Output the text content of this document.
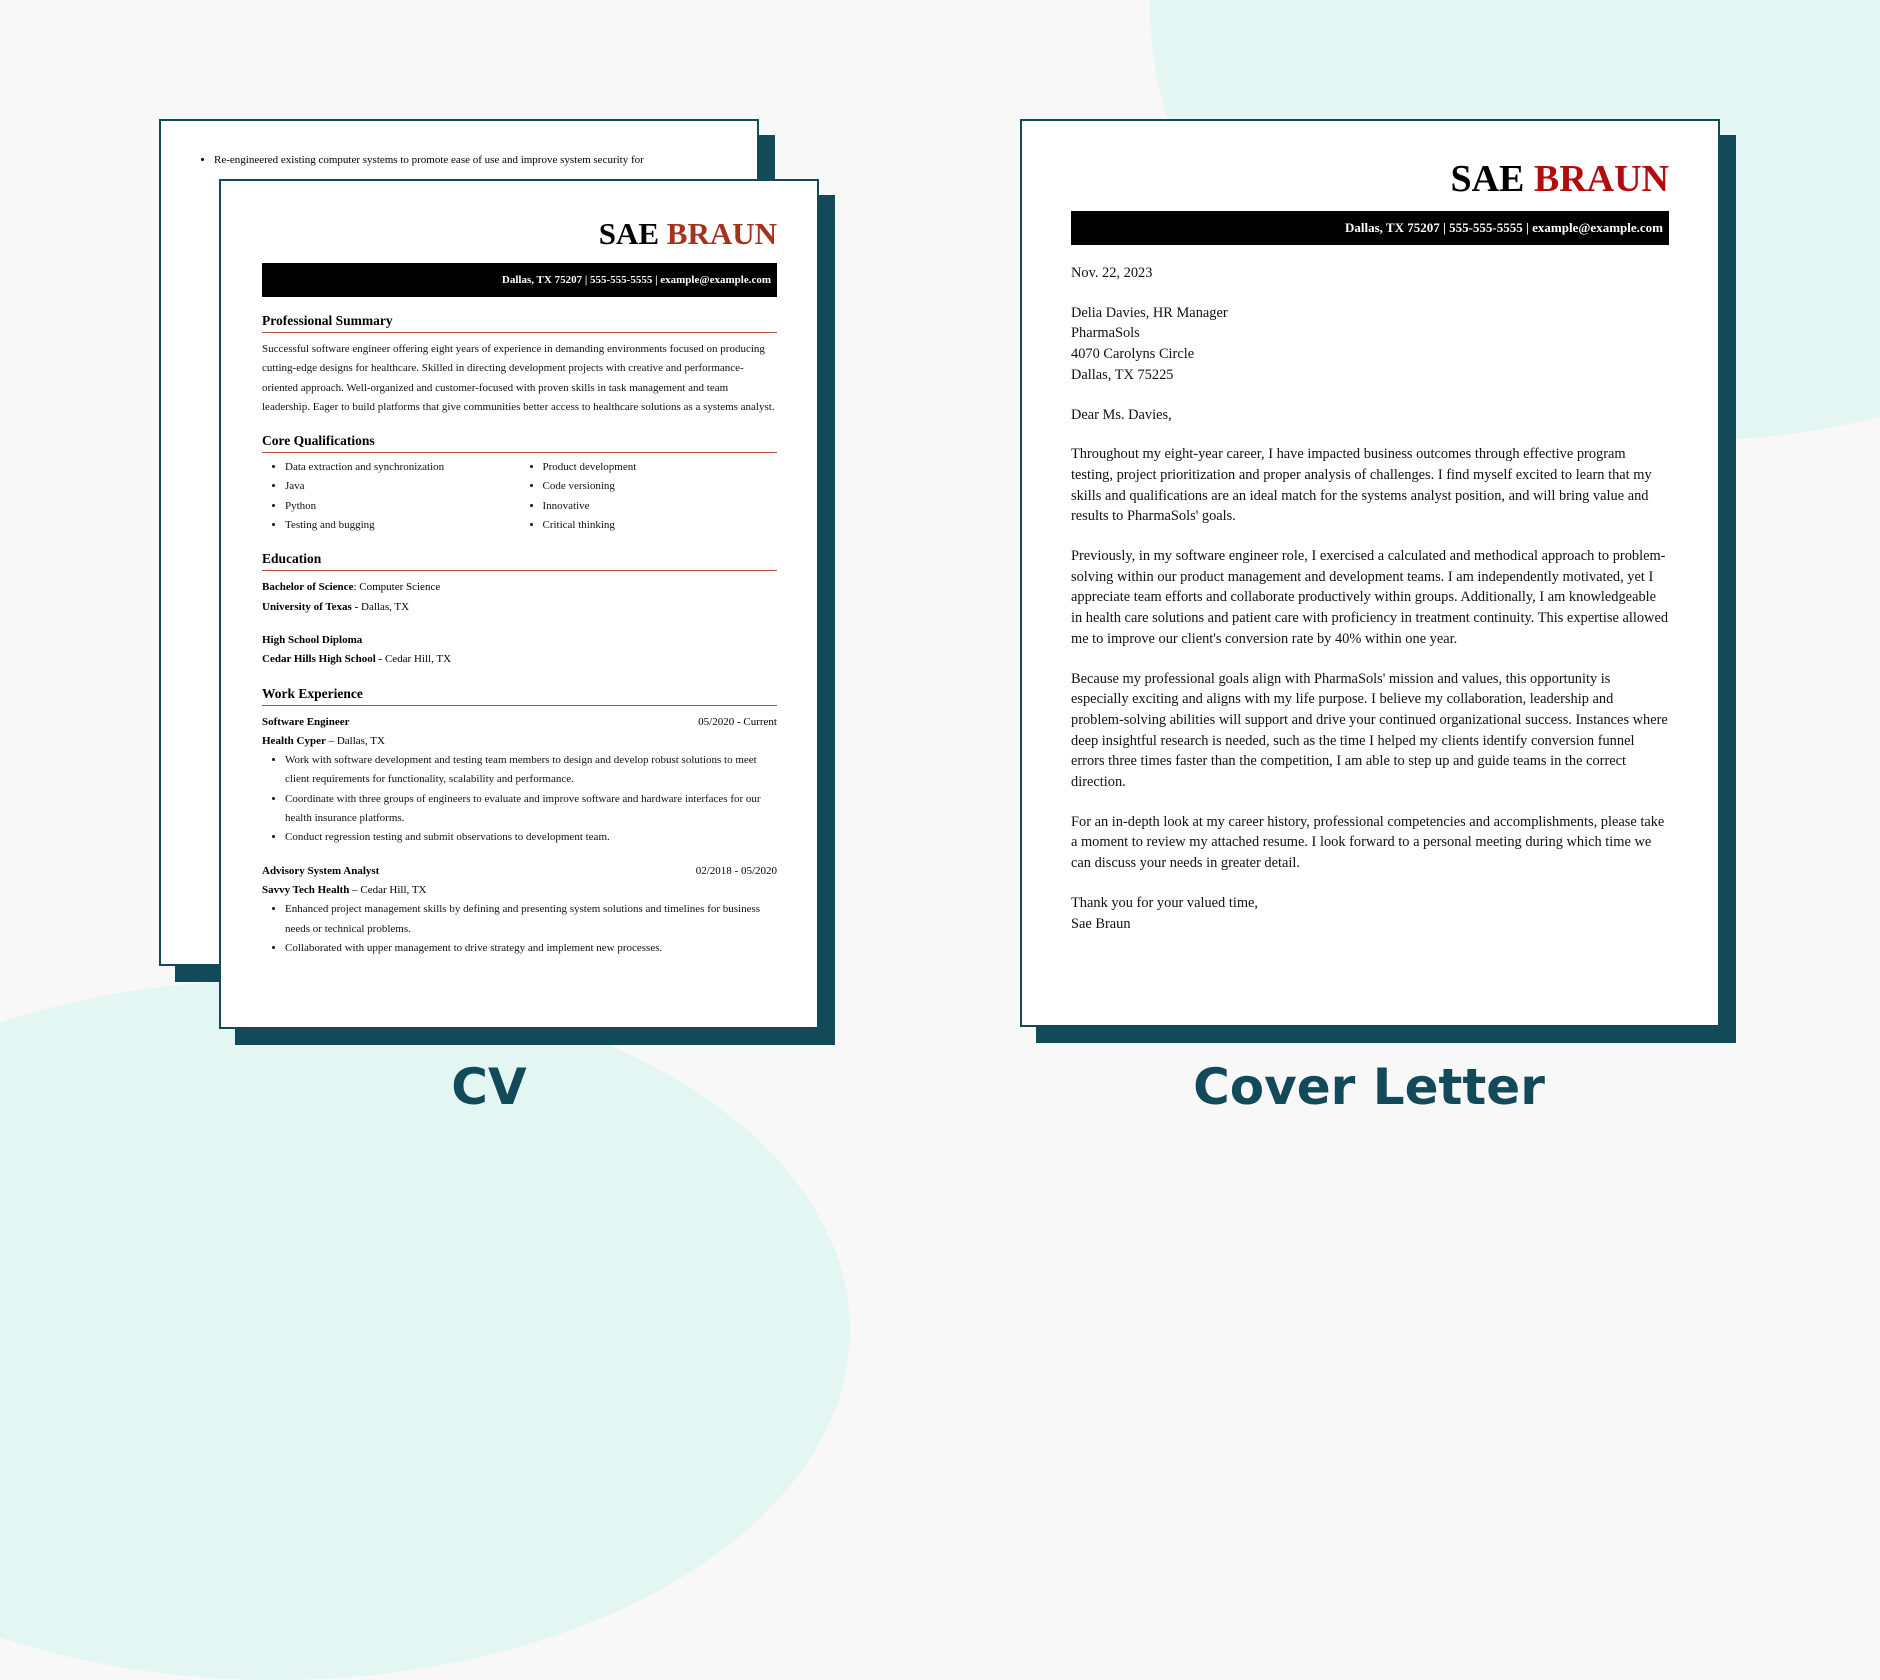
• Re-engineered existing computer systems to promote ease of use and improve system security for
SAE BRAUN
Dallas, TX 75207 | 555-555-5555 | example@example.com
Professional Summary

Successful software engineer offering eight years of experience in demanding environments focused on producing cutting-edge designs for healthcare. Skilled in directing development projects with creative and performance-oriented approach. Well-organized and customer-focused with proven skills in task management and team leadership. Eager to build platforms that give communities better access to healthcare solutions as a systems analyst.

Core Qualifications
• Data extraction and synchronization
• Java
• Python
• Testing and bugging
• Product development
• Code versioning
• Innovative
• Critical thinking
Education
Bachelor of Science: Computer Science
University of Texas - Dallas, TX
High School Diploma
Cedar Hills High School - Cedar Hill, TX
Work Experience
Software Engineer	05/2020 - Current
Health Cyper – Dallas, TX
• Work with software development and testing team members to design and develop robust solutions to meet client requirements for functionality, scalability and performance.
• Coordinate with three groups of engineers to evaluate and improve software and hardware interfaces for our health insurance platforms.
• Conduct regression testing and submit observations to development team.
Advisory System Analyst	02/2018 - 05/2020
Savvy Tech Health – Cedar Hill, TX
• Enhanced project management skills by defining and presenting system solutions and timelines for business needs or technical problems.
• Collaborated with upper management to drive strategy and implement new processes.
SAE BRAUN
Dallas, TX 75207 | 555-555-5555 | example@example.com

Nov. 22, 2023

Delia Davies, HR Manager
PharmaSols
4070 Carolyns Circle
Dallas, TX 75225

Dear Ms. Davies,

Throughout my eight-year career, I have impacted business outcomes through effective program testing, project prioritization and proper analysis of challenges. I find myself excited to learn that my skills and qualifications are an ideal match for the systems analyst position, and will bring value and results to PharmaSols' goals.

Previously, in my software engineer role, I exercised a calculated and methodical approach to problem-solving within our product management and development teams. I am independently motivated, yet I appreciate team efforts and collaborate productively within groups. Additionally, I am knowledgeable in health care solutions and patient care with proficiency in treatment continuity. This expertise allowed me to improve our client's conversion rate by 40% within one year.

Because my professional goals align with PharmaSols' mission and values, this opportunity is especially exciting and aligns with my life purpose. I believe my collaboration, leadership and problem-solving abilities will support and drive your continued organizational success. Instances where deep insightful research is needed, such as the time I helped my clients identify conversion funnel errors three times faster than the competition, I am able to step up and guide teams in the correct direction.

For an in-depth look at my career history, professional competencies and accomplishments, please take a moment to review my attached resume. I look forward to a personal meeting during which time we can discuss your needs in greater detail.

Thank you for your valued time,
Sae Braun

CV	Cover Letter
